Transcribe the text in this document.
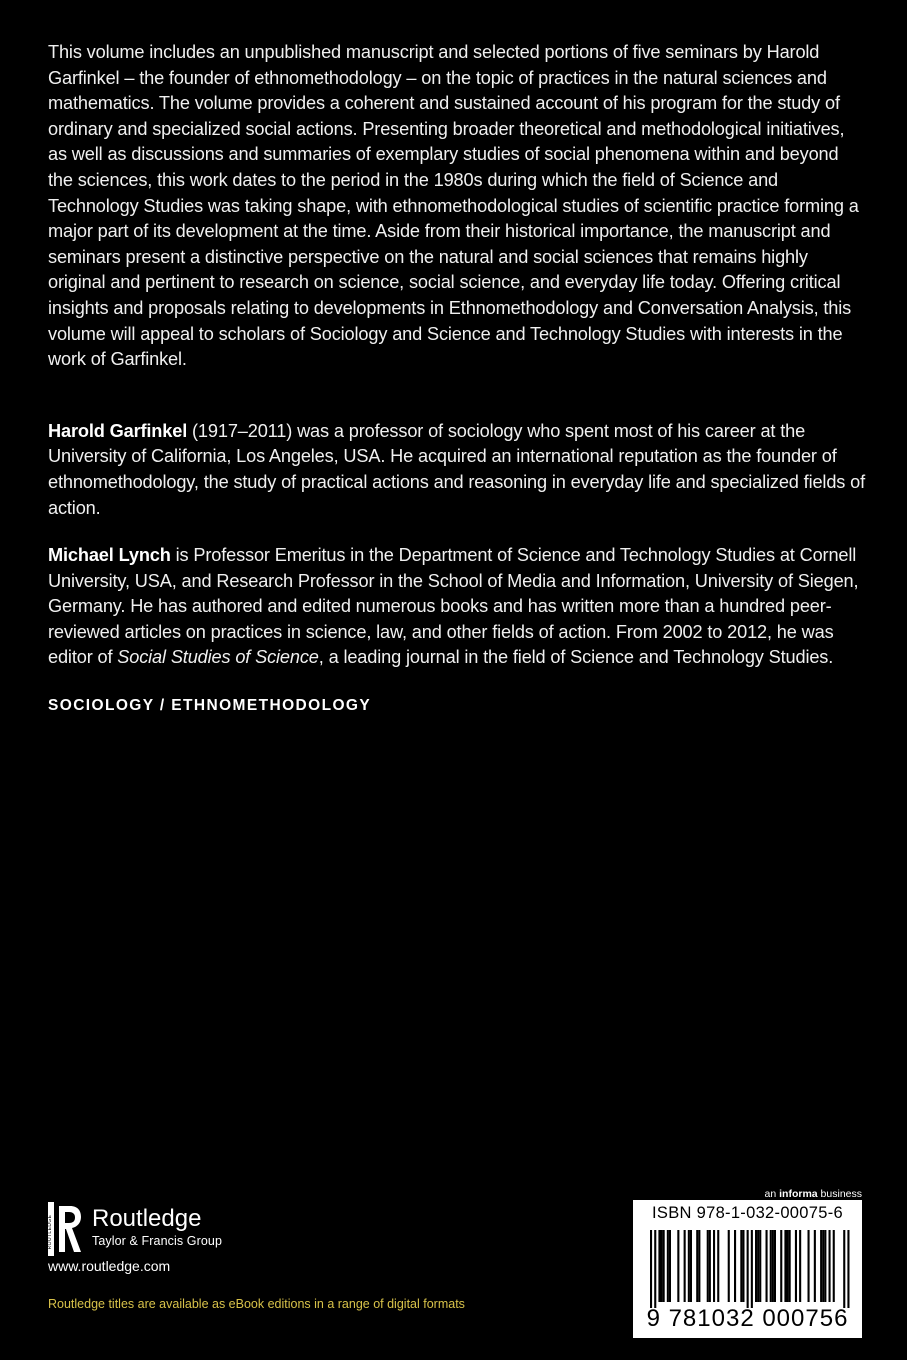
This volume includes an unpublished manuscript and selected portions of five seminars by Harold Garfinkel – the founder of ethnomethodology – on the topic of practices in the natural sciences and mathematics. The volume provides a coherent and sustained account of his program for the study of ordinary and specialized social actions. Presenting broader theoretical and methodological initiatives, as well as discussions and summaries of exemplary studies of social phenomena within and beyond the sciences, this work dates to the period in the 1980s during which the field of Science and Technology Studies was taking shape, with ethnomethodological studies of scientific practice forming a major part of its development at the time. Aside from their historical importance, the manuscript and seminars present a distinctive perspective on the natural and social sciences that remains highly original and pertinent to research on science, social science, and everyday life today. Offering critical insights and proposals relating to developments in Ethnomethodology and Conversation Analysis, this volume will appeal to scholars of Sociology and Science and Technology Studies with interests in the work of Garfinkel.

Harold Garfinkel (1917–2011) was a professor of sociology who spent most of his career at the University of California, Los Angeles, USA. He acquired an international reputation as the founder of ethnomethodology, the study of practical actions and reasoning in everyday life and specialized fields of action.

Michael Lynch is Professor Emeritus in the Department of Science and Technology Studies at Cornell University, USA, and Research Professor in the School of Media and Information, University of Siegen, Germany. He has authored and edited numerous books and has written more than a hundred peer-reviewed articles on practices in science, law, and other fields of action. From 2002 to 2012, he was editor of Social Studies of Science, a leading journal in the field of Science and Technology Studies.

SOCIOLOGY / ETHNOMETHODOLOGY

ROUTLEDGE Routledge
Taylor & Francis Group
www.routledge.com
Routledge titles are available as eBook editions in a range of digital formats
an informa business
ISBN 978-1-032-00075-6
9 781032 000756
